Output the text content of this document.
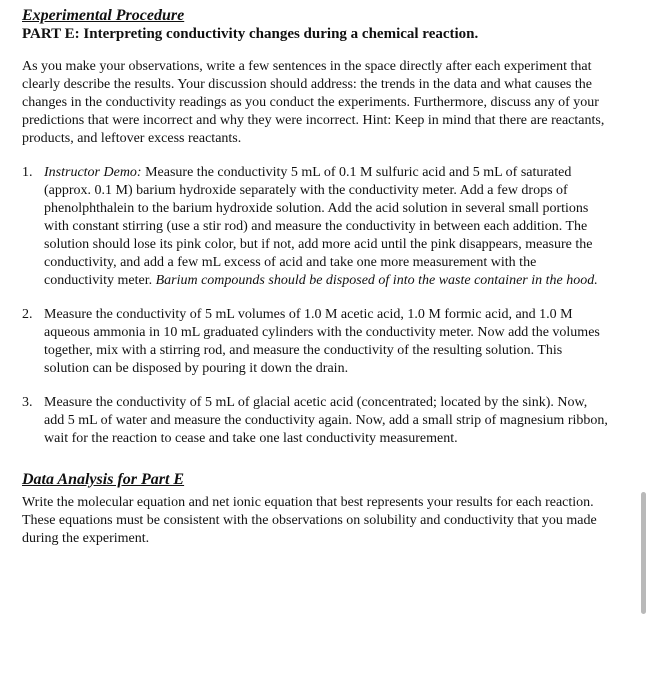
Experimental Procedure
PART E: Interpreting conductivity changes during a chemical reaction.

As you make your observations, write a few sentences in the space directly after each experiment that clearly describe the results. Your discussion should address: the trends in the data and what causes the changes in the conductivity readings as you conduct the experiments. Furthermore, discuss any of your predictions that were incorrect and why they were incorrect. Hint: Keep in mind that there are reactants, products, and leftover excess reactants.

1. Instructor Demo: Measure the conductivity 5 mL of 0.1 M sulfuric acid and 5 mL of saturated (approx. 0.1 M) barium hydroxide separately with the conductivity meter. Add a few drops of phenolphthalein to the barium hydroxide solution. Add the acid solution in several small portions with constant stirring (use a stir rod) and measure the conductivity in between each addition. The solution should lose its pink color, but if not, add more acid until the pink disappears, measure the conductivity, and add a few mL excess of acid and take one more measurement with the conductivity meter. Barium compounds should be disposed of into the waste container in the hood.
2. Measure the conductivity of 5 mL volumes of 1.0 M acetic acid, 1.0 M formic acid, and 1.0 M aqueous ammonia in 10 mL graduated cylinders with the conductivity meter. Now add the volumes together, mix with a stirring rod, and measure the conductivity of the resulting solution. This solution can be disposed by pouring it down the drain.
3. Measure the conductivity of 5 mL of glacial acetic acid (concentrated; located by the sink). Now, add 5 mL of water and measure the conductivity again. Now, add a small strip of magnesium ribbon, wait for the reaction to cease and take one last conductivity measurement.
Data Analysis for Part E

Write the molecular equation and net ionic equation that best represents your results for each reaction. These equations must be consistent with the observations on solubility and conductivity that you made during the experiment.
